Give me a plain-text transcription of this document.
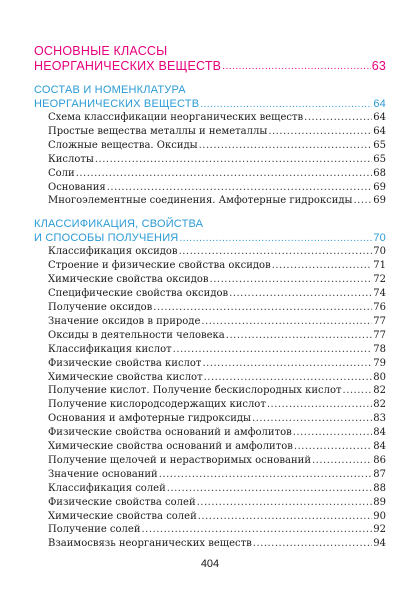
ОСНОВНЫЕ КЛАССЫ
НЕОРГАНИЧЕСКИХ ВЕЩЕСТВ .....	63
СОСТАВ И НОМЕНКЛАТУРА
НЕОРГАНИЧЕСКИХ ВЕЩЕСТВ .....	64
Схема классификации неорганических веществ .....	64
Простые вещества металлы и неметаллы .....	64
Сложные вещества. Оксиды .....	65
Кислоты .....	65
Соли .....	68
Основания .....	69
Многоэлементные соединения. Амфотерные гидроксиды ..... 69
КЛАССИФИКАЦИЯ, СВОЙСТВА
И СПОСОБЫ ПОЛУЧЕНИЯ .....	70
Классификация оксидов .....	70
Строение и физические свойства оксидов .....	71
Химические свойства оксидов .....	72
Специфические свойства оксидов .....	74
Получение оксидов .....	76
Значение оксидов в природе .....	77
Оксиды в деятельности человека .....	77
Классификация кислот .....	78
Физические свойства кислот .....	79
Химические свойства кислот .....	80
Получение кислот. Получение бескислородных кислот .....	82
Получение кислородсодержащих кислот .....	82
Основания и амфотерные гидроксиды .....	83
Физические свойства оснований и амфолитов .....	84
Химические свойства оснований и амфолитов .....	84
Получение щелочей и нерастворимых оснований .....	86
Значение оснований .....	87
Классификация солей .....	88
Физические свойства солей .....	89
Химические свойства солей .....	90
Получение солей .....	92
Взаимосвязь неорганических веществ .....	94
404
